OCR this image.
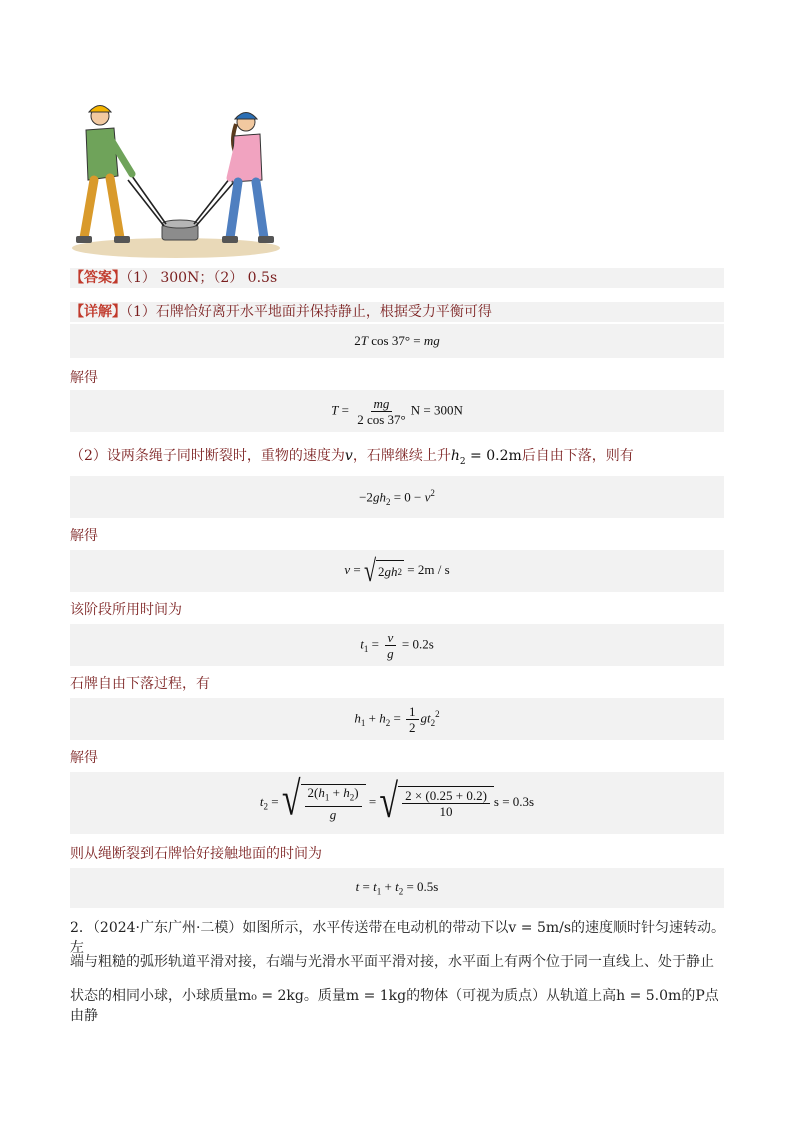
【答案】（1） 300N；（2） 0.5s
【详解】（1）石牌恰好离开水平地面并保持静止，根据受力平衡可得
2T cos 37° = mg
解得
$T = \frac{mg}{2 \cos 37^\circ}$ N = 300N
（2）设两条绳子同时断裂时，重物的速度为v，石牌继续上升$h_2 = 0.2m$后自由下落，则有
$-2gh_2 = 0 - v^2$
解得
v = √ 2 gh 2 = 2m / s
该阶段所用时间为
$t_1 = \frac{v}{g} = 0.2s$
石牌自由下落过程，有
$h_1 + h_2 = \frac{1}{2} gt_2^2$
解得
$t_2$ = √ $\frac{2(h_1 + h_2)}{g}$ = √ $\frac{2 \times (0.25 + 0.2)}{10}$ s = 0.3s
则从绳断裂到石牌恰好接触地面的时间为
$t = t_1 + t_2 = 0.5s$
2．（2024·广东广州·二模）如图所示，水平传送带在电动机的带动下以v = 5m/s的速度顺时针匀速转动。左
端与粗糙的弧形轨道平滑对接，右端与光滑水平面平滑对接，水平面上有两个位于同一直线上、处于静止
状态的相同小球，小球质量m₀ = 2kg。质量m = 1kg的物体（可视为质点）从轨道上高h = 5.0m的P点由静
